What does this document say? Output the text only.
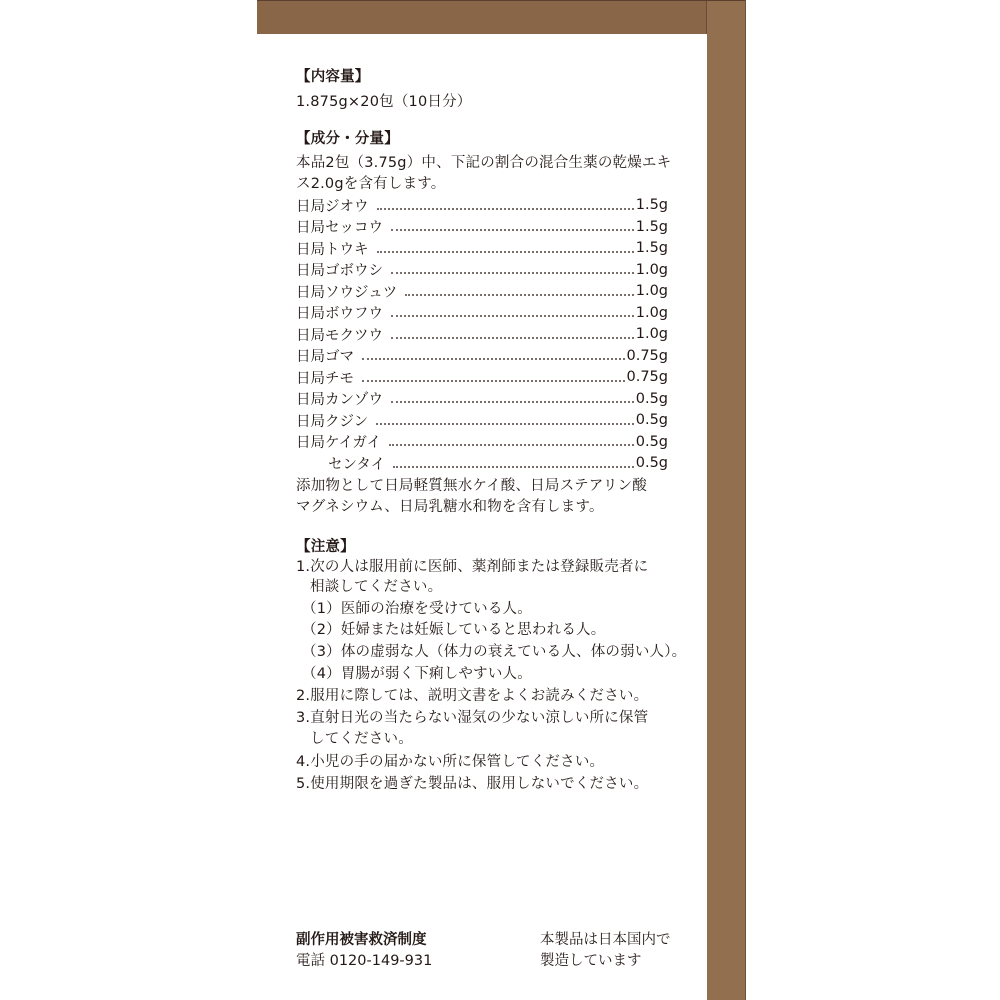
【内容量】
1.875g×20包（10日分）
【成分・分量】
本品2包（3.75g）中、下記の割合の混合生薬の乾燥エキ
ス2.0gを含有します。
日局ジオウ	1.5g
日局セッコウ	1.5g
日局トウキ	1.5g
日局ゴボウシ	1.0g
日局ソウジュツ	1.0g
日局ボウフウ	1.0g
日局モクツウ	1.0g
日局ゴマ	0.75g
日局チモ	0.75g
日局カンゾウ	0.5g
日局クジン	0.5g
日局ケイガイ	0.5g
センタイ	0.5g
添加物として日局軽質無水ケイ酸、日局ステアリン酸
マグネシウム、日局乳糖水和物を含有します。
【注意】
1.次の人は服用前に医師、薬剤師または登録販売者に
相談してください。
（1）医師の治療を受けている人。
（2）妊婦または妊娠していると思われる人。
（3）体の虚弱な人（体力の衰えている人、体の弱い人）。
（4）胃腸が弱く下痢しやすい人。
2.服用に際しては、説明文書をよくお読みください。
3.直射日光の当たらない湿気の少ない涼しい所に保管
してください。
4.小児の手の届かない所に保管してください。
5.使用期限を過ぎた製品は、服用しないでください。
副作用被害救済制度
電話 0120-149-931
本製品は日本国内で
製造しています
